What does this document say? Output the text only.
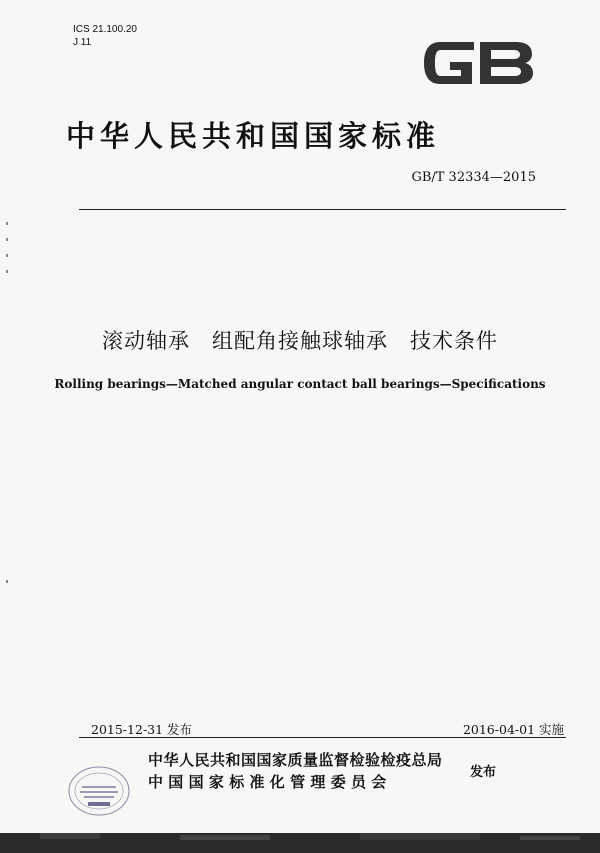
ICS 21.100.20
J 11
中华人民共和国国家标准
GB/T 32334—2015
滚动轴承　组配角接触球轴承　技术条件
Rolling bearings—Matched angular contact ball bearings—Specifications
2015-12-31 发布	2016-04-01 实施
中华人民共和国国家质量监督检验检疫总局
中国国家标准化管理委员会
发布
